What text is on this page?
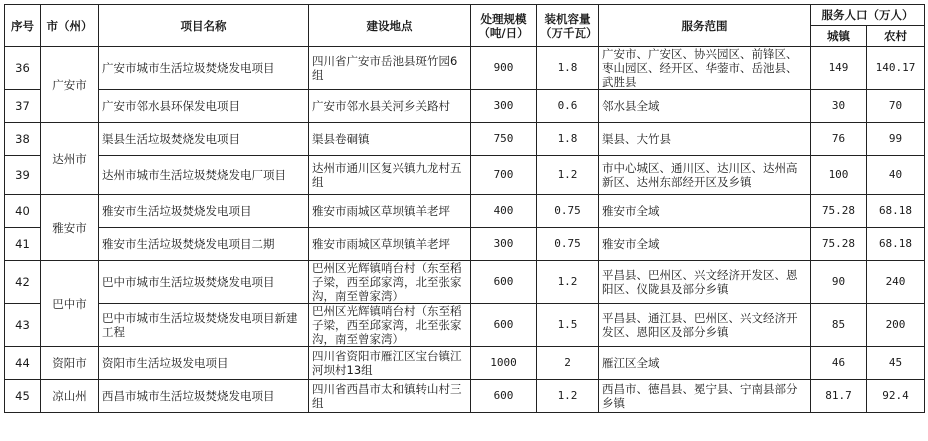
序号	市（州）	项目名称	建设地点	处理规模（吨/日）	装机容量（万千瓦）	服务范围	服务人口（万人）	
							城镇	农村
36	广安市	广安市城市生活垃圾焚烧发电项目	四川省广安市岳池县斑竹园6组	900	1.8	广安市、广安区、协兴园区、前锋区、枣山园区、经开区、华蓥市、岳池县、武胜县	149	140.17
37		广安市邻水县环保发电项目	广安市邻水县关河乡关路村	300	0.6	邻水县全域	30	70
38	达州市	渠县生活垃圾焚烧发电项目	渠县卷硐镇	750	1.8	渠县、大竹县	76	99
39		达州市城市生活垃圾焚烧发电厂项目	达州市通川区复兴镇九龙村五组	700	1.2	市中心城区、通川区、达川区、达州高新区、达州东部经开区及乡镇	100	40
40	雅安市	雅安市生活垃圾焚烧发电项目	雅安市雨城区草坝镇羊老坪	400	0.75	雅安市全域	75.28	68.18
41		雅安市生活垃圾焚烧发电项目二期	雅安市雨城区草坝镇羊老坪	300	0.75	雅安市全域	75.28	68.18
42	巴中市	巴中市城市生活垃圾焚烧发电项目	巴州区光辉镇哨台村（东至稻子梁，西至邱家湾，北至张家沟，南至曾家湾）	600	1.2	平昌县、巴州区、兴文经济开发区、恩阳区、仪陇县及部分乡镇	90	240
43		巴中市城市生活垃圾焚烧发电项目新建工程	巴州区光辉镇哨台村（东至稻子梁，西至邱家湾，北至张家沟，南至曾家湾）	600	1.5	平昌县、通江县、巴州区、兴文经济开发区、恩阳区及部分乡镇	85	200
44	资阳市	资阳市生活垃圾发电项目	四川省资阳市雁江区宝台镇江河坝村13组	1000	2	雁江区全域	46	45
45	凉山州	西昌市城市生活垃圾焚烧发电项目	四川省西昌市太和镇转山村三组	600	1.2	西昌市、德昌县、冕宁县、宁南县部分乡镇	81.7	92.4
